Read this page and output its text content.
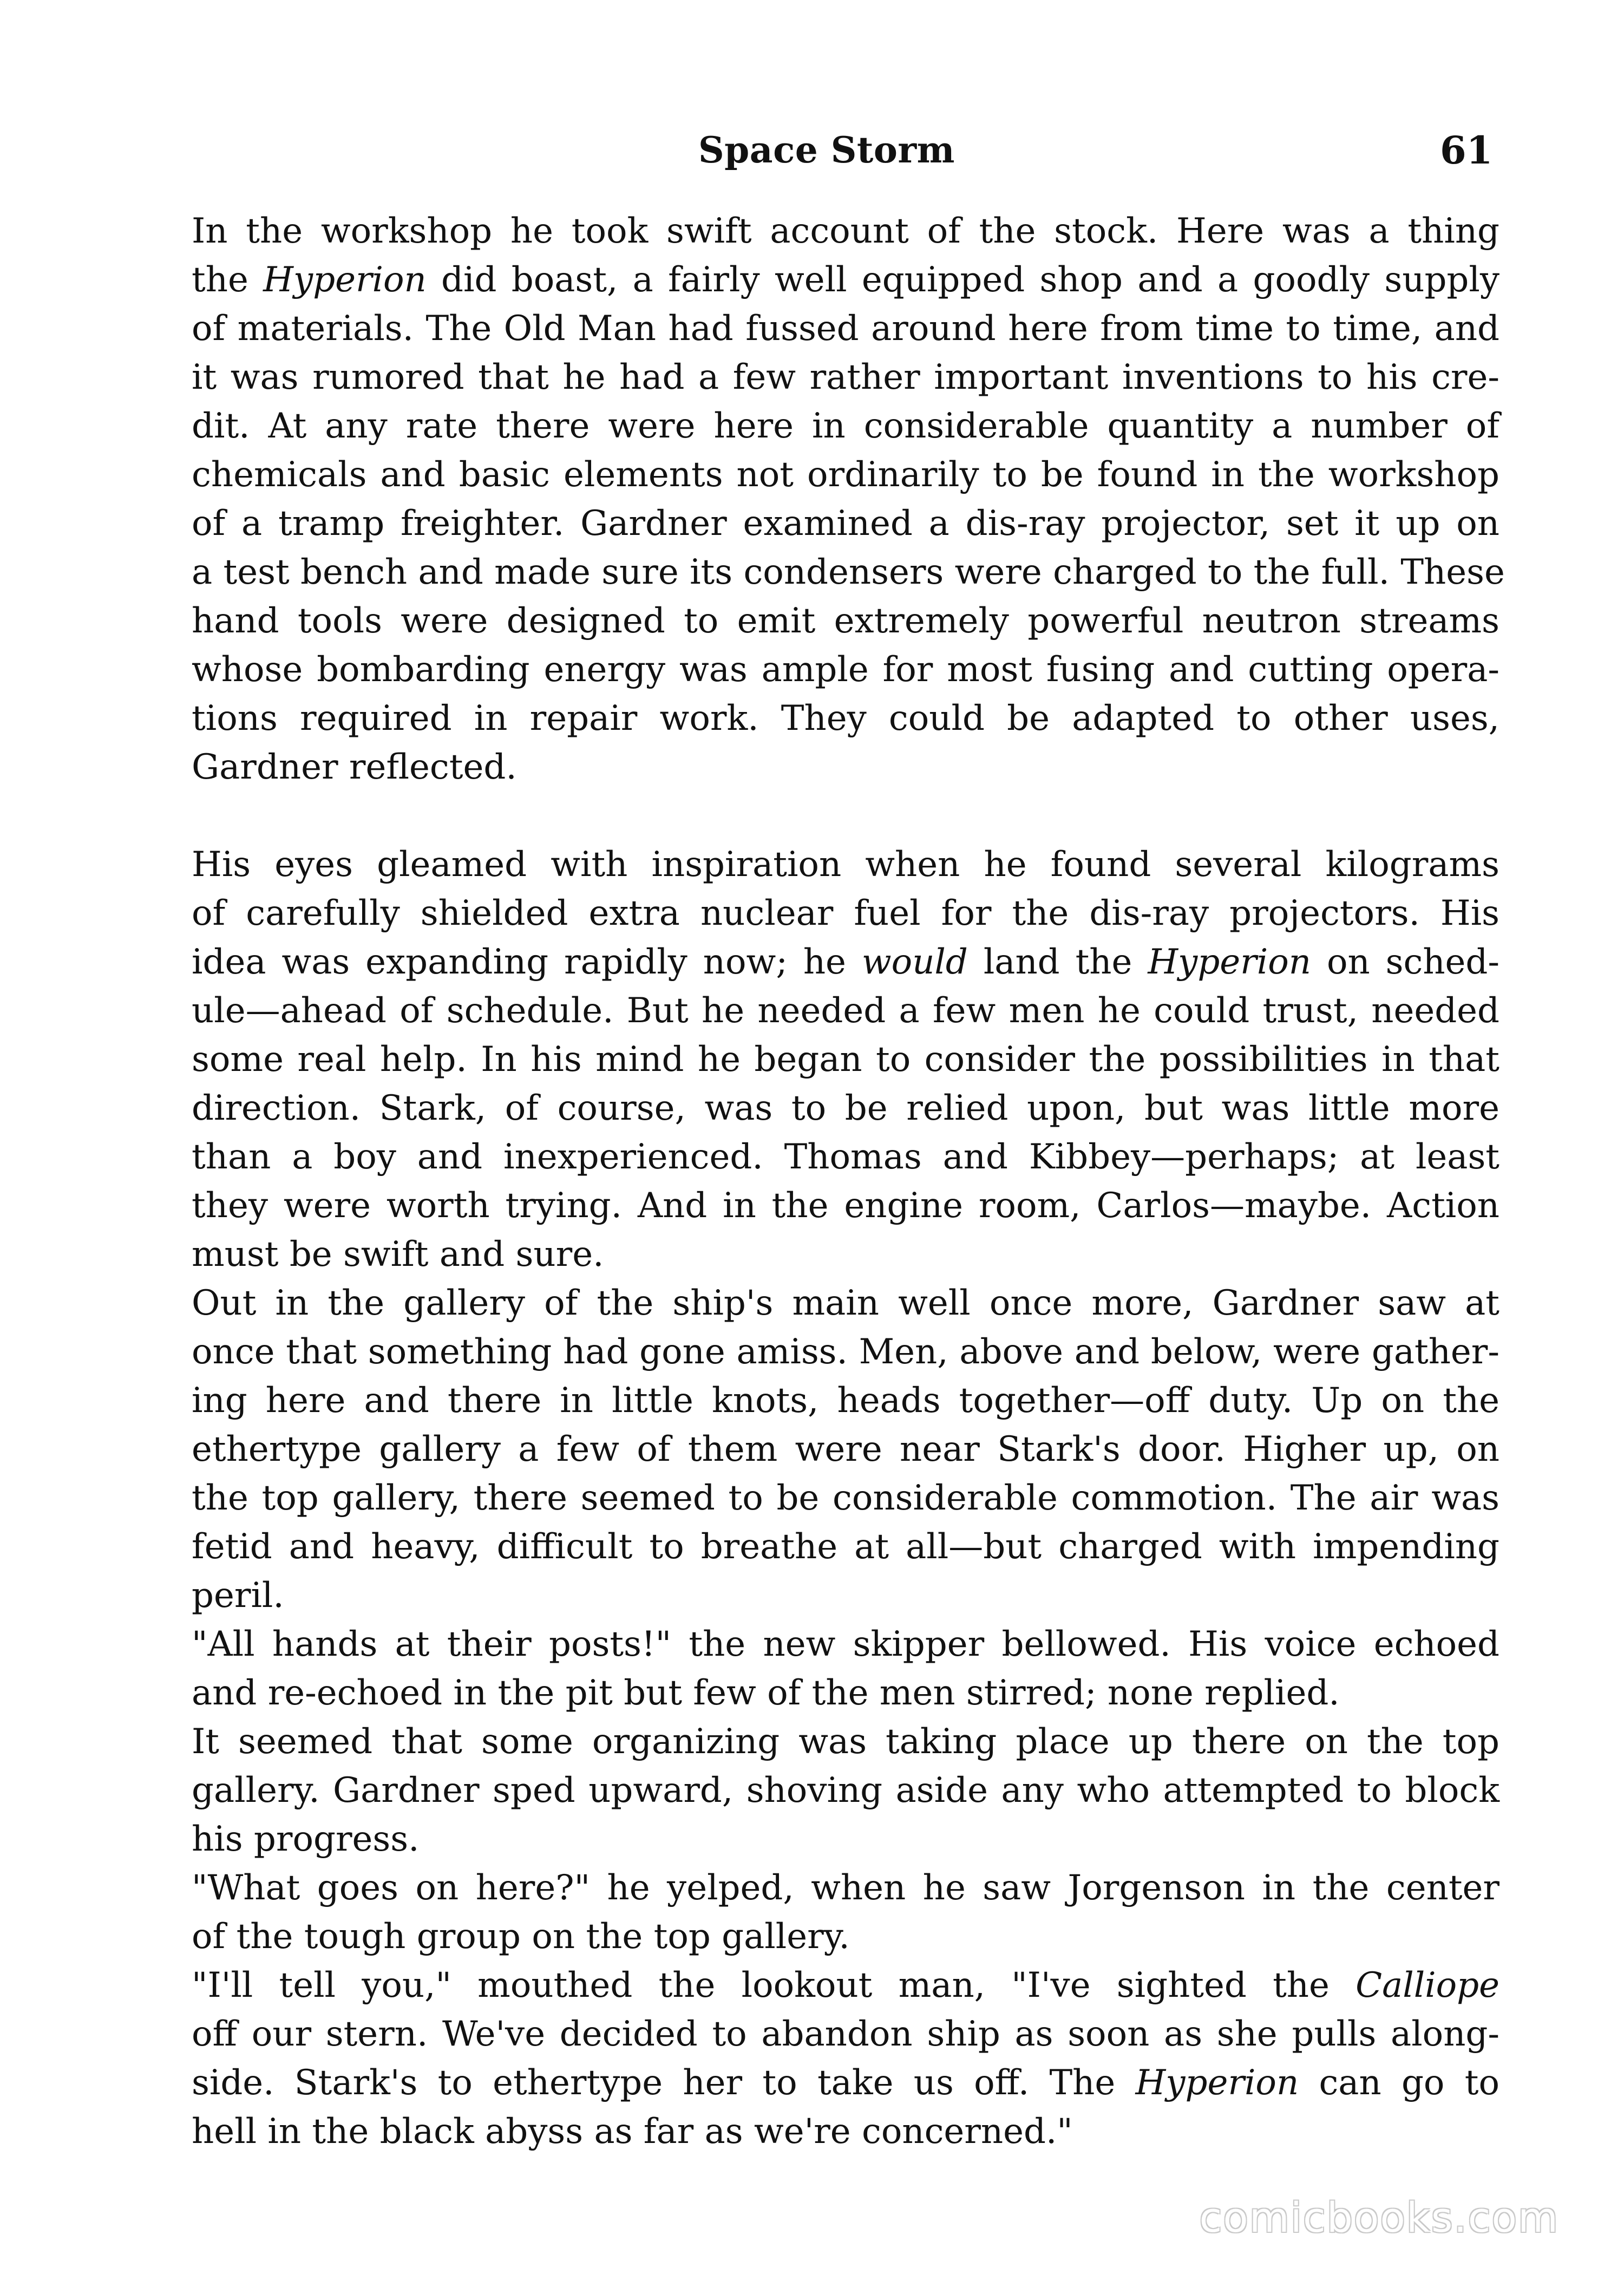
Space Storm	61
In the workshop he took swift account of the stock. Here was a thing
the Hyperion did boast, a fairly well equipped shop and a goodly supply
of materials. The Old Man had fussed around here from time to time, and
it was rumored that he had a few rather important inventions to his cre-
dit. At any rate there were here in considerable quantity a number of
chemicals and basic elements not ordinarily to be found in the workshop
of a tramp freighter. Gardner examined a dis-ray projector, set it up on
a test bench and made sure its condensers were charged to the full. These
hand tools were designed to emit extremely powerful neutron streams
whose bombarding energy was ample for most fusing and cutting opera-
tions required in repair work. They could be adapted to other uses,
Gardner reflected.
His eyes gleamed with inspiration when he found several kilograms
of carefully shielded extra nuclear fuel for the dis-ray projectors. His
idea was expanding rapidly now; he would land the Hyperion on sched-
ule—ahead of schedule. But he needed a few men he could trust, needed
some real help. In his mind he began to consider the possibilities in that
direction. Stark, of course, was to be relied upon, but was little more
than a boy and inexperienced. Thomas and Kibbey—perhaps; at least
they were worth trying. And in the engine room, Carlos—maybe. Action
must be swift and sure.
Out in the gallery of the ship's main well once more, Gardner saw at
once that something had gone amiss. Men, above and below, were gather-
ing here and there in little knots, heads together—off duty. Up on the
ethertype gallery a few of them were near Stark's door. Higher up, on
the top gallery, there seemed to be considerable commotion. The air was
fetid and heavy, difficult to breathe at all—but charged with impending
peril.
"All hands at their posts!" the new skipper bellowed. His voice echoed
and re-echoed in the pit but few of the men stirred; none replied.
It seemed that some organizing was taking place up there on the top
gallery. Gardner sped upward, shoving aside any who attempted to block
his progress.
"What goes on here?" he yelped, when he saw Jorgenson in the center
of the tough group on the top gallery.
"I'll tell you," mouthed the lookout man, "I've sighted the Calliope
off our stern. We've decided to abandon ship as soon as she pulls along-
side. Stark's to ethertype her to take us off. The Hyperion can go to
hell in the black abyss as far as we're concerned."
comicbooks.com
